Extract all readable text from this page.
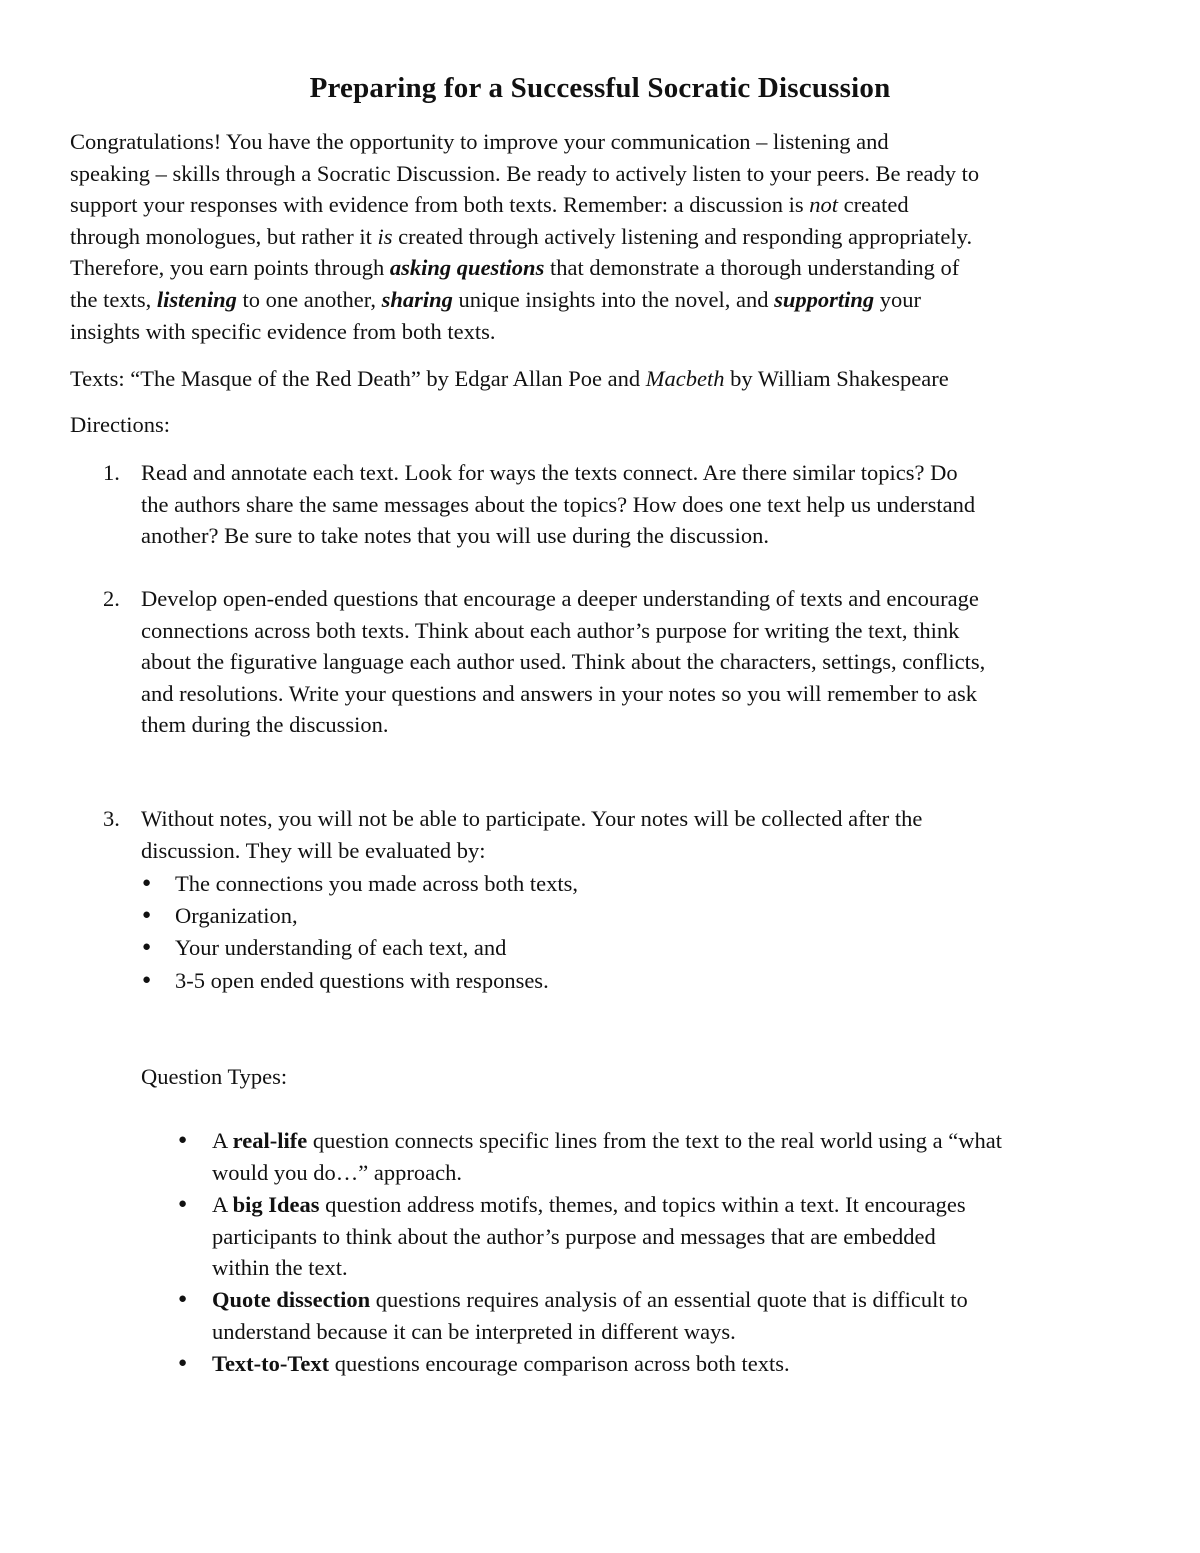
Preparing for a Successful Socratic Discussion
Congratulations! You have the opportunity to improve your communication – listening and
speaking – skills through a Socratic Discussion. Be ready to actively listen to your peers. Be ready to
support your responses with evidence from both texts. Remember: a discussion is not created
through monologues, but rather it is created through actively listening and responding appropriately.
Therefore, you earn points through asking questions that demonstrate a thorough understanding of
the texts, listening to one another, sharing unique insights into the novel, and supporting your
insights with specific evidence from both texts.
Texts: “The Masque of the Red Death” by Edgar Allan Poe and Macbeth by William Shakespeare
Directions:
1. Read and annotate each text. Look for ways the texts connect. Are there similar topics? Do
the authors share the same messages about the topics? How does one text help us understand
another? Be sure to take notes that you will use during the discussion.
2. Develop open-ended questions that encourage a deeper understanding of texts and encourage
connections across both texts. Think about each author’s purpose for writing the text, think
about the figurative language each author used. Think about the characters, settings, conflicts,
and resolutions. Write your questions and answers in your notes so you will remember to ask
them during the discussion.
3. Without notes, you will not be able to participate. Your notes will be collected after the
discussion. They will be evaluated by:
● The connections you made across both texts,
● Organization,
● Your understanding of each text, and
● 3-5 open ended questions with responses.
Question Types:
● A real-life question connects specific lines from the text to the real world using a “what
would you do…” approach.
● A big Ideas question address motifs, themes, and topics within a text. It encourages
participants to think about the author’s purpose and messages that are embedded
within the text.
● Quote dissection questions requires analysis of an essential quote that is difficult to
understand because it can be interpreted in different ways.
● Text-to-Text questions encourage comparison across both texts.
